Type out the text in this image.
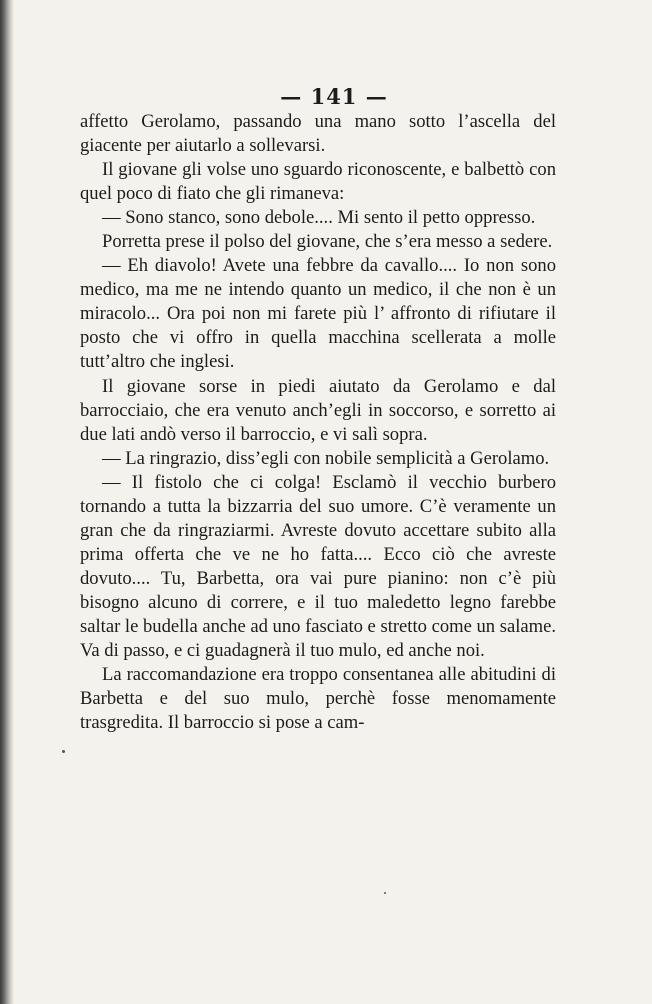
— 141 —

affetto Gerolamo, passando una mano sotto l’ascella del giacente per aiutarlo a sollevarsi.

Il giovane gli volse uno sguardo riconoscente, e balbettò con quel poco di fiato che gli rimaneva:

— Sono stanco, sono debole.... Mi sento il petto oppresso.

Porretta prese il polso del giovane, che s’era messo a sedere.

— Eh diavolo! Avete una febbre da cavallo.... Io non sono medico, ma me ne intendo quanto un medico, il che non è un miracolo... Ora poi non mi farete più l’ affronto di rifiutare il posto che vi offro in quella macchina scellerata a molle tutt’altro che inglesi.

Il giovane sorse in piedi aiutato da Gerolamo e dal barrocciaio, che era venuto anch’egli in soccorso, e sorretto ai due lati andò verso il barroccio, e vi salì sopra.

— La ringrazio, diss’egli con nobile semplicità a Gerolamo.

— Il fistolo che ci colga! Esclamò il vecchio burbero tornando a tutta la bizzarria del suo umore. C’è veramente un gran che da ringraziarmi. Avreste dovuto accettare subito alla prima offerta che ve ne ho fatta.... Ecco ciò che avreste dovuto.... Tu, Barbetta, ora vai pure pianino: non c’è più bisogno alcuno di correre, e il tuo maledetto legno farebbe saltar le budella anche ad uno fasciato e stretto come un salame. Va di passo, e ci guadagnerà il tuo mulo, ed anche noi.

La raccomandazione era troppo consentanea alle abitudini di Barbetta e del suo mulo, perchè fosse menomamente trasgredita. Il barroccio si pose a cam-
